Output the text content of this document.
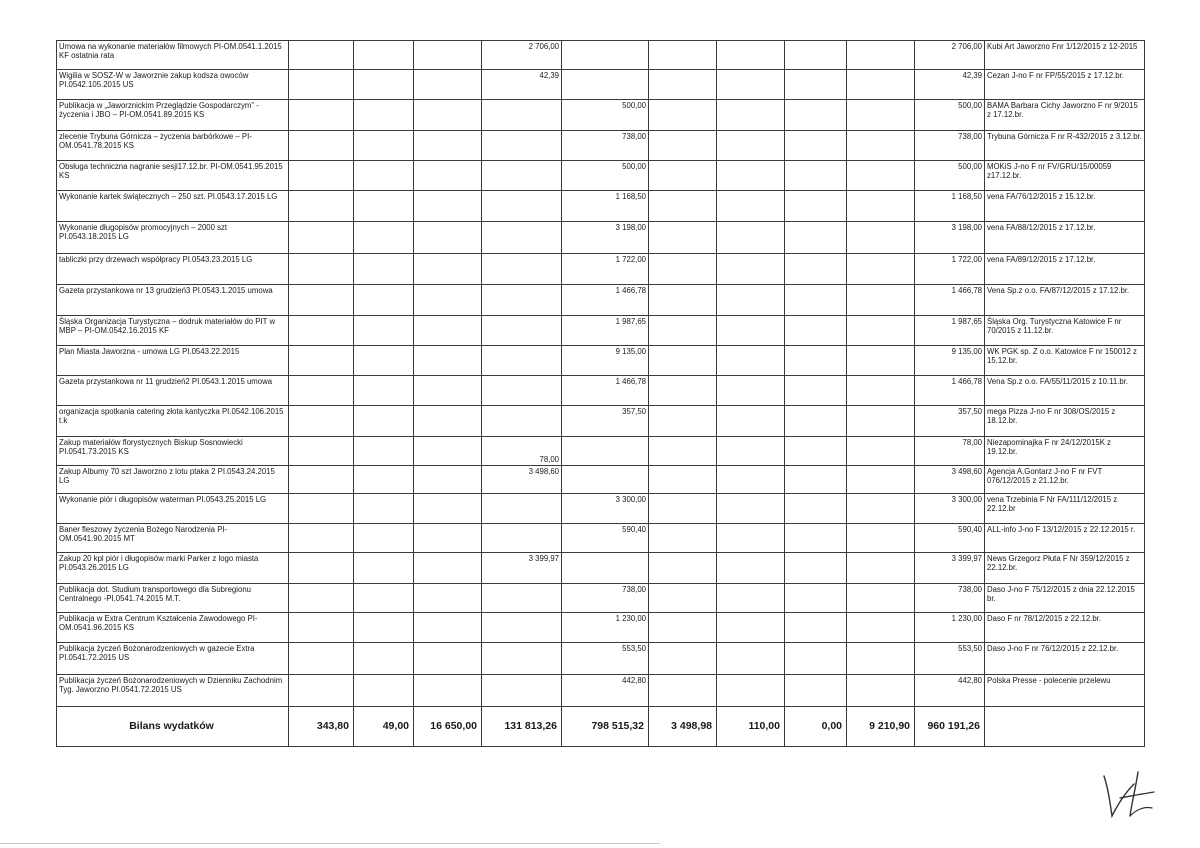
Umowa na wykonanie materiałów filmowych PI-OM.0541.1.2015 KF ostatnia rata				2 706,00						2 706,00	Kubi Art Jaworzno Fnr 1/12/2015 z 12-2015
Wigilia w SOSZ-W w Jaworznie zakup kodsza owoców PI.0542.105.2015 US				42,39						42,39	Cezan J-no F nr FP/55/2015 z 17.12.br.
Publikacja w „Jaworznickim Przeglądzie Gospodarczym” - życzenia i JBO – PI-OM.0541.89.2015 KS					500,00					500,00	BAMA Barbara Cichy Jaworzno F nr 9/2015 z 17.12.br.
zlecenie Trybuna Górnicza – życzenia barbórkowe – PI-OM.0541.78.2015 KS					738,00					738,00	Trybuna Górnicza F nr R-432/2015 z 3.12.br.
Obsługa techniczna nagranie sesji17.12.br. PI-OM.0541.95.2015 KS					500,00					500,00	MOKiS J-no F nr FV/GRU/15/00059 z17.12.br.
Wykonanie kartek świątecznych – 250 szt. PI.0543.17.2015 LG					1 168,50					1 168,50	vena FA/76/12/2015 z 15.12.br.
Wykonanie długopisów promocyjnych – 2000 szt PI.0543.18.2015 LG					3 198,00					3 198,00	vena FA/88/12/2015 z 17.12.br.
tabliczki przy drzewach współpracy PI.0543.23.2015 LG					1 722,00					1 722,00	vena FA/89/12/2015 z 17.12.br.
Gazeta przystankowa nr 13 grudzień3 PI.0543.1.2015 umowa					1 466,78					1 466,78	Vena Sp.z o.o. FA/87/12/2015 z 17.12.br.
Śląska Organizacja Turystyczna – dodruk materiałów do PIT w MBP – PI-OM.0542.16.2015 KF					1 987,65					1 987,65	Śląska Org. Turystyczna Katowice F nr 70/2015 z 11.12.br.
Plan Miasta Jaworzna - umowa LG PI.0543.22.2015					9 135,00					9 135,00	WK PGK sp. Z o.o. Katowice F nr 150012 z 15.12.br.
Gazeta przystankowa nr 11 grudzień2 PI.0543.1.2015 umowa					1 466,78					1 466,78	Vena Sp.z o.o. FA/55/11/2015 z 10.11.br.
organizacja spotkania catering złota kantyczka PI.0542.106.2015 t.k					357,50					357,50	mega Pizza J-no F nr 308/OS/2015 z 18.12.br.
Zakup materiałów florystycznych Biskup Sosnowiecki PI.0541.73.2015 KS				78,00						78,00	Niezapominajka F nr 24/12/2015K z 19.12.br.
Zakup Albumy 70 szt Jaworzno z lotu ptaka 2 PI.0543.24.2015 LG				3 498,60						3 498,60	Agencja A.Gontarz J-no F nr FVT 076/12/2015 z 21.12.br.
Wykonanie piór i długopisów waterman PI.0543.25.2015 LG					3 300,00					3 300,00	vena Trzebinia F Nr FA/111/12/2015 z 22.12.br
Baner fleszowy życzenia Bożego Narodzenia PI-OM.0541.90.2015 MT					590,40					590,40	ALL-info J-no F 13/12/2015 z 22.12.2015 r.
Zakup 20 kpl piór i długopisów marki Parker z logo miasta PI.0543.26.2015 LG				3 399,97						3 399,97	News Grzegorz Płuta F Nr 359/12/2015 z 22.12.br.
Publikacja dot. Studium transportowego dla Subregionu Centralnego -PI.0541.74.2015 M.T.					738,00					738,00	Daso J-no F 75/12/2015 z dnia 22.12.2015 br.
Publikacja w Extra Centrum Kształcenia Zawodowego PI-OM.0541.96.2015 KS					1 230,00					1 230,00	Daso F nr 78/12/2015 z 22.12.br.
Publikacja życzeń Bożonarodzeniowych w gazecie Extra PI.0541.72.2015 US					553,50					553,50	Daso J-no F nr 76/12/2015 z 22.12.br.
Publikacja życzeń Bożonarodzeniowych w Dzienniku Zachodnim Tyg. Jaworzno PI.0541.72.2015 US					442,80					442,80	Polska Presse - polecenie przelewu
Bilans wydatków	343,80	49,00	16 650,00	131 813,26	798 515,32	3 498,98	110,00	0,00	9 210,90	960 191,26	
